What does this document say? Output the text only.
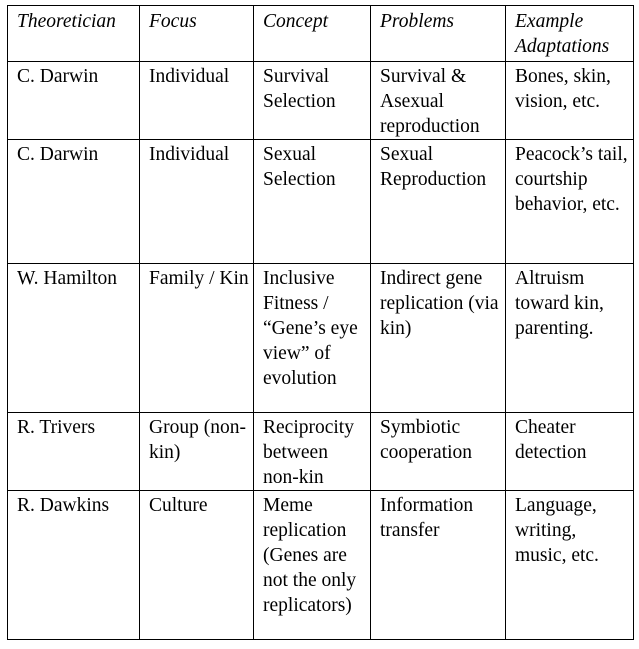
Theoretician	Focus	Concept	Problems	Example Adaptations
C. Darwin	Individual	Survival Selection	Survival & Asexual reproduction	Bones, skin, vision, etc.
C. Darwin	Individual	Sexual Selection	Sexual Reproduction	Peacock’s tail, courtship behavior, etc.
W. Hamilton	Family / Kin	Inclusive Fitness / “Gene’s eye view” of evolution	Indirect gene replication (via kin)	Altruism toward kin, parenting.
R. Trivers	Group (non-kin)	Reciprocity between non-kin	Symbiotic cooperation	Cheater detection
R. Dawkins	Culture	Meme replication (Genes are not the only replicators)	Information transfer	Language, writing, music, etc.
